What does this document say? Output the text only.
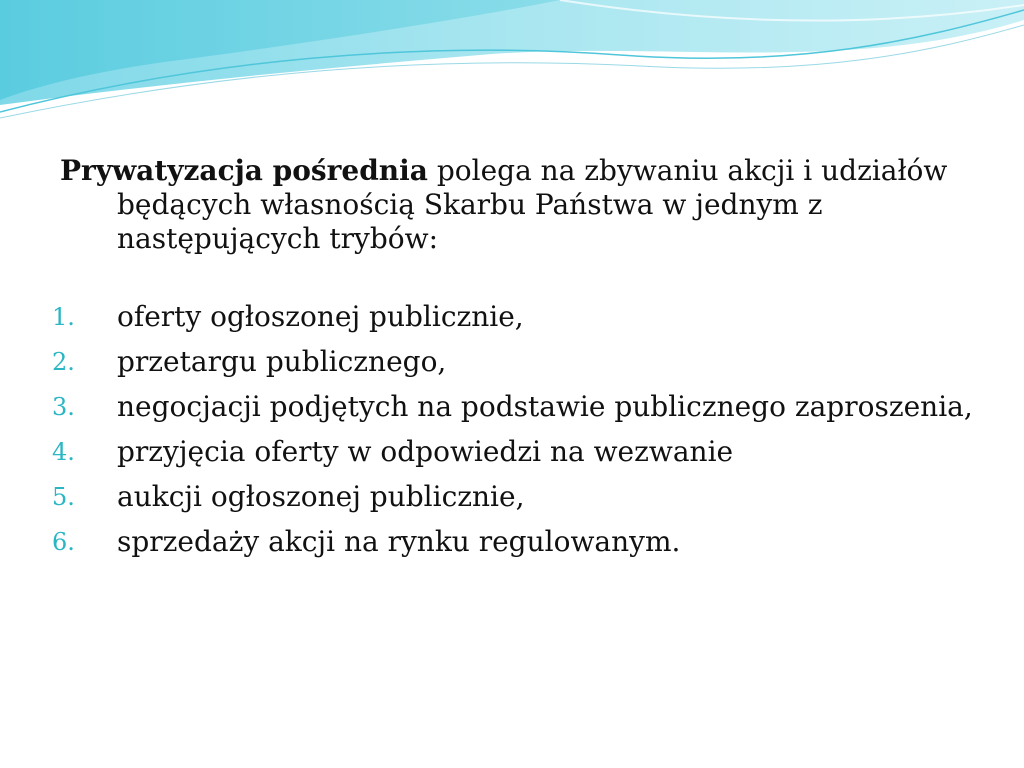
Prywatyzacja pośrednia polega na zbywaniu akcji i udziałów będących własnością Skarbu Państwa w jednym z następujących trybów:

1.	oferty ogłoszonej publicznie,
2.	przetargu publicznego,
3.	negocjacji podjętych na podstawie publicznego zaproszenia,
4.	przyjęcia oferty w odpowiedzi na wezwanie
5.	aukcji ogłoszonej publicznie,
6.	sprzedaży akcji na rynku regulowanym.
